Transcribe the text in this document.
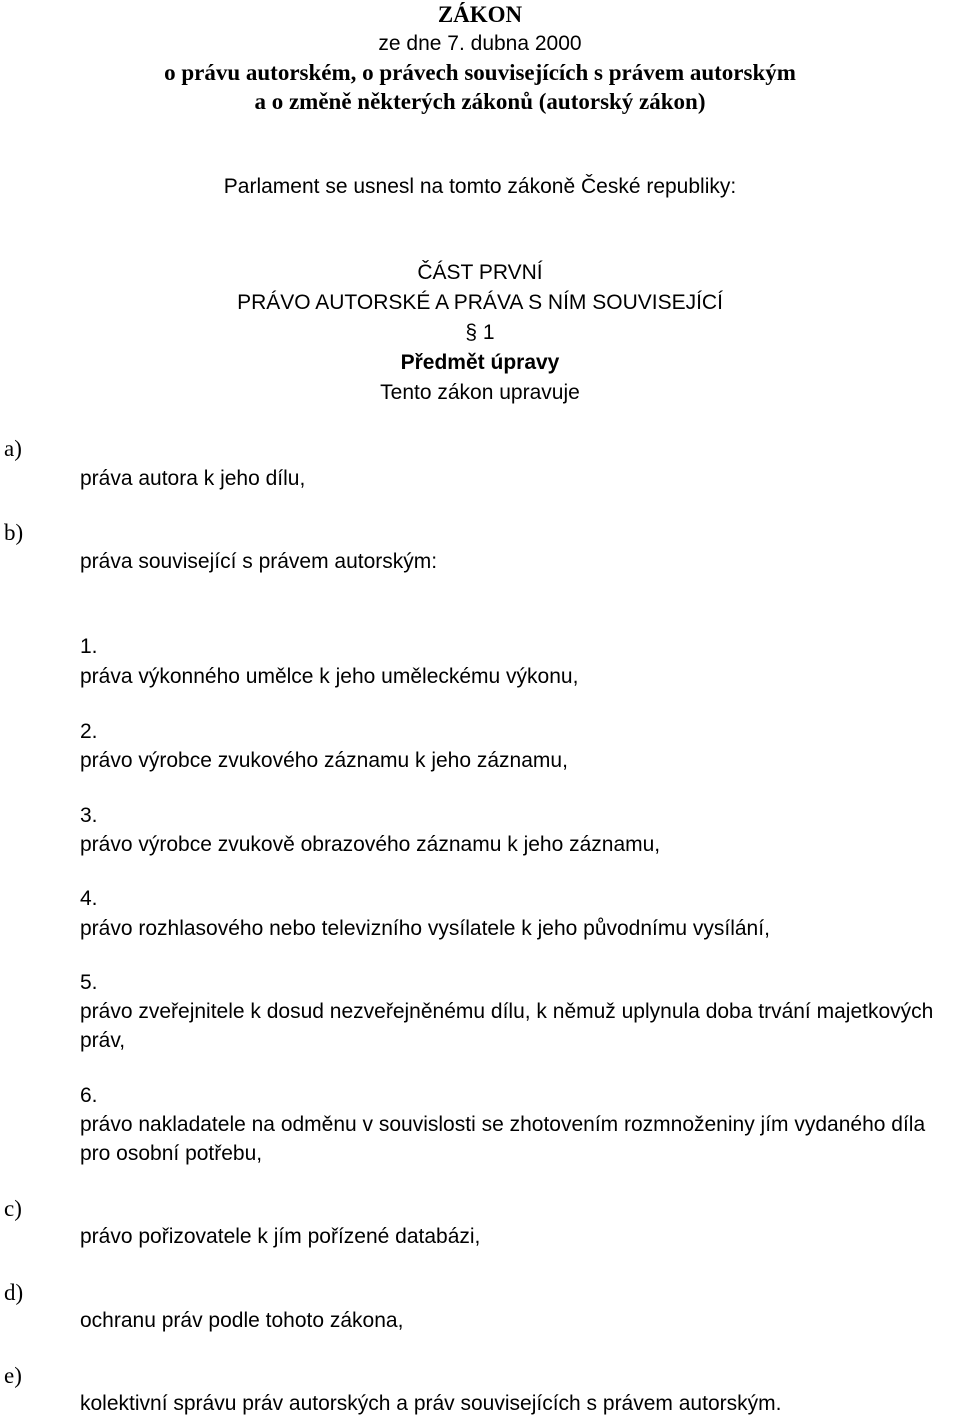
ZÁKON
ze dne 7. dubna 2000
o právu autorském, o právech souvisejících s právem autorským
a o změně některých zákonů (autorský zákon)
Parlament se usnesl na tomto zákoně České republiky:
ČÁST PRVNÍ
PRÁVO AUTORSKÉ A PRÁVA S NÍM SOUVISEJÍCÍ
§ 1
Předmět úpravy
Tento zákon upravuje
a)
práva autora k jeho dílu,
b)
práva související s právem autorským:
1.
práva výkonného umělce k jeho uměleckému výkonu,
2.
právo výrobce zvukového záznamu k jeho záznamu,
3.
právo výrobce zvukově obrazového záznamu k jeho záznamu,
4.
právo rozhlasového nebo televizního vysílatele k jeho původnímu vysílání,
5.
právo zveřejnitele k dosud nezveřejněnému dílu, k němuž uplynula doba trvání majetkových práv,
6.
právo nakladatele na odměnu v souvislosti se zhotovením rozmnoženiny jím vydaného díla pro osobní potřebu,
c)
právo pořizovatele k jím pořízené databázi,
d)
ochranu práv podle tohoto zákona,
e)
kolektivní správu práv autorských a práv souvisejících s právem autorským.
